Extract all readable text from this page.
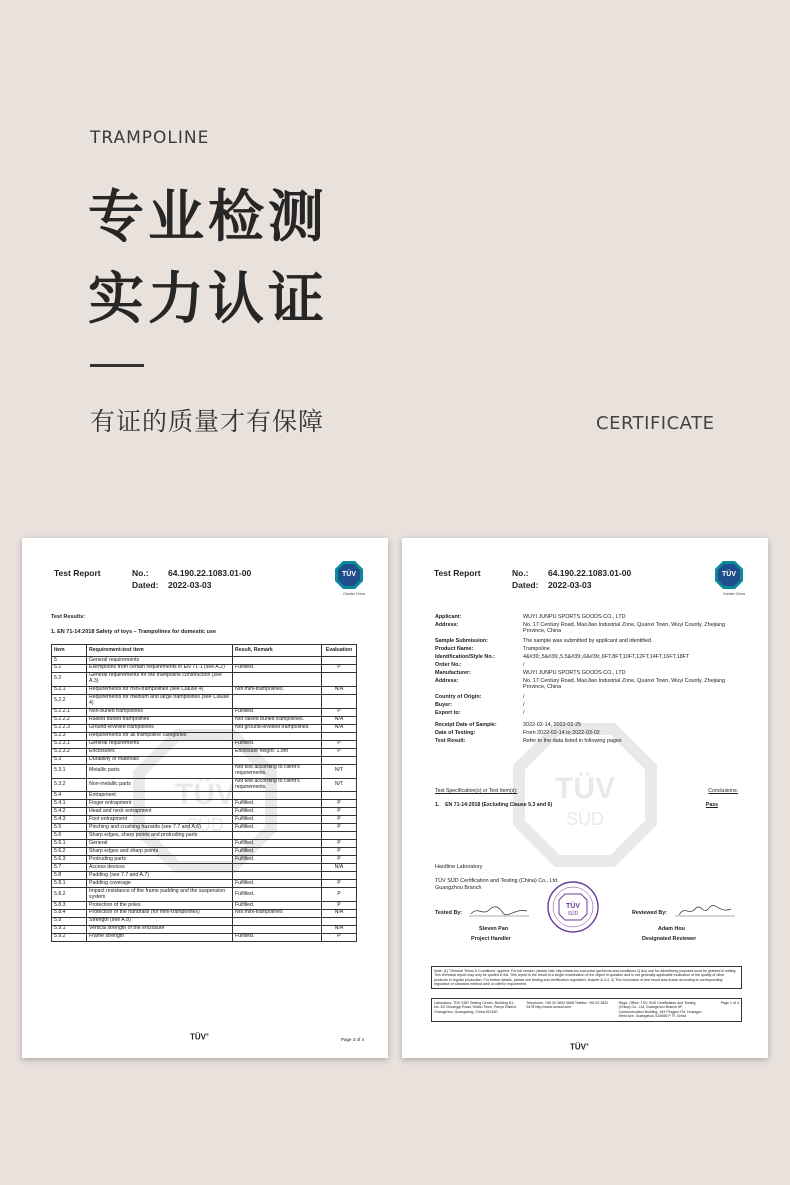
TRAMPOLINE
专业检测
实力认证
有证的质量才有保障	CERTIFICATE
Test Report	No.: 64.190.22.1083.01-00
Dated: 2022-03-03
TÜV
Greater China
TÜV
SÜD
Test Results:
1. EN 71-14:2018 Safety of toys – Trampolines for domestic use
Item	Requirement-test item	Result, Remark	Evaluation
5	General requirements		
5.1	Exemptions from certain requirements in EN 71-1 (see A.2)	Fulfilled.	P
5.2	General requirements for the trampoline construction (see A.3)		
5.2.1	Requirements for mini-trampolines (see Clause 4)	Not mini-trampolines.	N/A
5.2.2	Requirements for medium and large trampolines (see Clause 4)		
5.2.2.1	Non-buried trampolines	Fulfilled.	P
5.2.2.2	Raised buried trampolines	Not raised buried trampolines.	N/A
5.2.2.3	Ground-levelled trampolines	Not ground-levelled trampolines.	N/A
5.2.3	Requirements for all trampoline categories		
5.2.3.1	General requirements	Fulfilled.	P
5.2.3.2	Enclosures	Enclosure height: 1.8m	P
5.3	Durability of materials		
5.3.1	Metallic parts	Not test according to client's requirements.	N/T
5.3.2	Non-metallic parts	Not test according to client's requirements.	N/T
5.4	Entrapment		
5.4.1	Finger entrapment	Fulfilled.	P
5.4.2	Head and neck entrapment	Fulfilled.	P
5.4.3	Foot entrapment	Fulfilled.	P
5.5	Pinching and crushing hazards (see 7.7 and A.6)	Fulfilled.	P
5.6	Sharp edges, sharp points and protruding parts		
5.6.1	General	Fulfilled.	P
5.6.2	Sharp edges and sharp points	Fulfilled.	P
5.6.3	Protruding parts	Fulfilled.	P
5.7	Access devices		N/A
5.8	Padding (see 7.7 and A.7)		
5.8.1	Padding coverage	Fulfilled.	P
5.8.2	Impact resistance of the frame padding and the suspension system	Fulfilled.	P
5.8.3	Protection of the poles	Fulfilled.	P
5.8.4	Protection of the handrails (for mini-trampolines)	Not mini-trampolines	N/A
5.9	Strength (see A.8)		
5.9.1	Vertical strength of the enclosure		N/A
5.9.2	Frame strength	Fulfilled.	P
TÜV®
Page 3 of 4
Test Report	No.: 64.190.22.1083.01-00
Dated: 2022-03-03
TÜV
Greater China
TÜV
SÜD
Applicant:	WUYI JUNPU SPORTS GOODS CO., LTD
Address:	No. 17 Century Road, MaoJiao Industrial Zone, Quanxi Town, Wuyi County, Zhejiang Province, China
Sample Submission:	The sample was submitted by applicant and identified.
Product Name:	Trampoline
Identification/Style No.:	4&#39;,5&#39;,5.5&#39;,6&#39;,6FT,8FT,10FT,12FT,14FT,16FT,18FT
Order No.:	/
Manufacturer:	WUYI JUNPU SPORTS GOODS CO., LTD
Address:	No. 17 Century Road, MaoJiao Industrial Zone, Quanxi Town, Wuyi County, Zhejiang Province, China
Country of Origin:	/
Buyer:	/
Export to:	/
Receipt Date of Sample:	2022-02-14, 2022-02-25
Date of Testing:	From 2022-02-14 to 2022-03-02
Test Result:	Refer to the data listed in following pages
Test Specification(s) or Test Item(s):	Conclusions:
1. EN 71-14:2018 (Excluding Clause 5.3 and 6)	Pass
Hardline Laboratory
TÜV SÜD Certification and Testing (China) Co., Ltd.
Guangzhou Branch
Tested By:	Reviewed By:
Steven Pan
Project Handler
Adam Hou
Designated Reviewer
TÜV
SÜD
Note: (1) "General Terms & Conditions" applied. For full version, please visit: http://www.tuv-sud.cn/cn-gcr/terms-and-conditions 2) Any use for advertising purposes must be granted in writing. This technical report may only be quoted in full. This report is the result of a single examination of the object in question and is not generally applicable evaluation of the quality of other products in regular production. For further details, please see testing and certification regulation, chapter A-3.4. 3) The conclusion of test result was drawn according to corresponding regulation or standard method and/ or client's requirement.
Laboratory: TÜV SÜD Testing Center, Building D1, No. 63 Chuangqi Road, Shilou Town, Panyu District, Guangzhou, Guangdong, China 511450
Telephone: +86 20 3832 0668 Telefax: +86 20 3832 0478 http://www.tuvsud.com
Regd. Office: TÜV SÜD Certification and Testing (China) Co., Ltd. Guangzhou Branch 5F, Communication Building, 163 Pingyun Rd, Huangpu West Ave. Guangzhou 510656 P. R. China
Page 1 of 4
TÜV®
